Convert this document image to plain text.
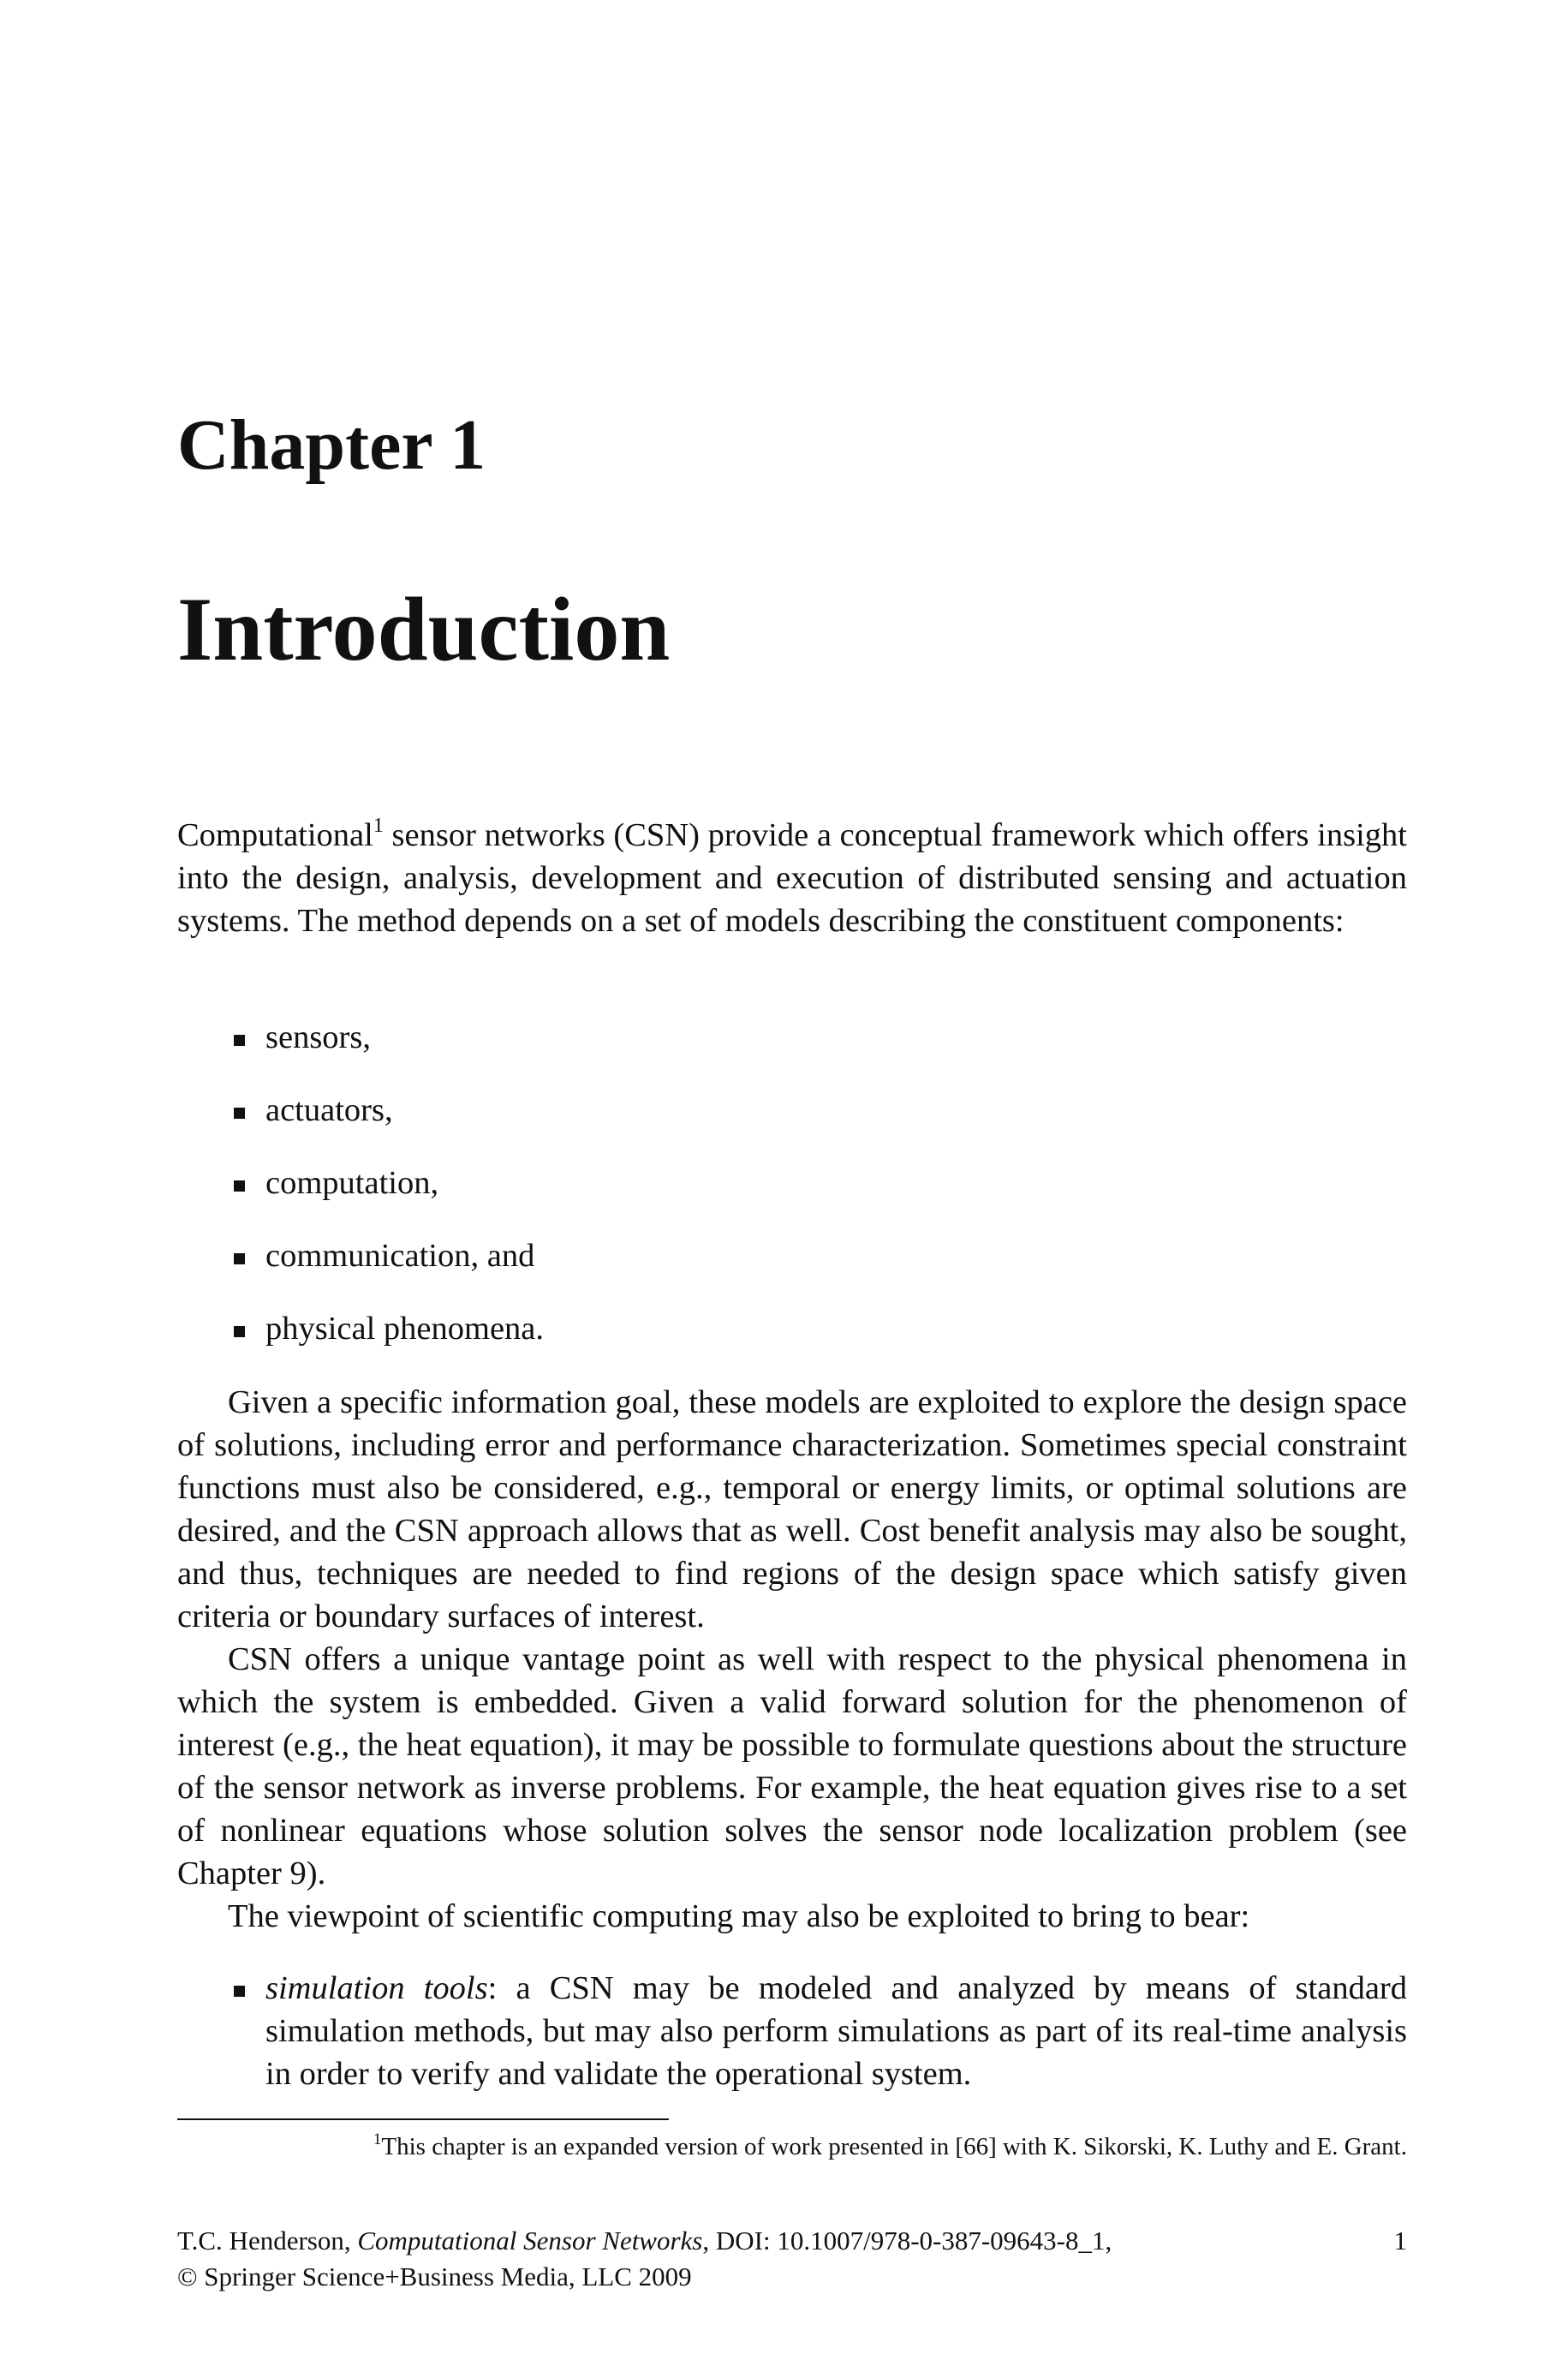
Chapter 1
Introduction

Computational$^1$ sensor networks (CSN) provide a conceptual framework which offers insight into the design, analysis, development and execution of distributed sensing and actuation systems. The method depends on a set of models describing the constituent components:

sensors,
actuators,
computation,
communication, and
physical phenomena.

Given a specific information goal, these models are exploited to explore the design space of solutions, including error and performance characterization. Sometimes special constraint functions must also be considered, e.g., temporal or energy limits, or optimal solutions are desired, and the CSN approach allows that as well. Cost benefit analysis may also be sought, and thus, techniques are needed to find regions of the design space which satisfy given criteria or boundary surfaces of interest.

CSN offers a unique vantage point as well with respect to the physical phenomena in which the system is embedded. Given a valid forward solution for the phenomenon of interest (e.g., the heat equation), it may be possible to formulate questions about the structure of the sensor network as inverse problems. For example, the heat equation gives rise to a set of nonlinear equations whose solution solves the sensor node localization problem (see Chapter 9).

The viewpoint of scientific computing may also be exploited to bring to bear:

simulation tools: a CSN may be modeled and analyzed by means of standard simulation methods, but may also perform simulations as part of its real-time analysis in order to verify and validate the operational system.
$^1$This chapter is an expanded version of work presented in [66] with K. Sikorski, K. Luthy and E. Grant.
T.C. Henderson, Computational Sensor Networks, DOI: 10.1007/978-0-387-09643-8_1,
© Springer Science+Business Media, LLC 2009
1
